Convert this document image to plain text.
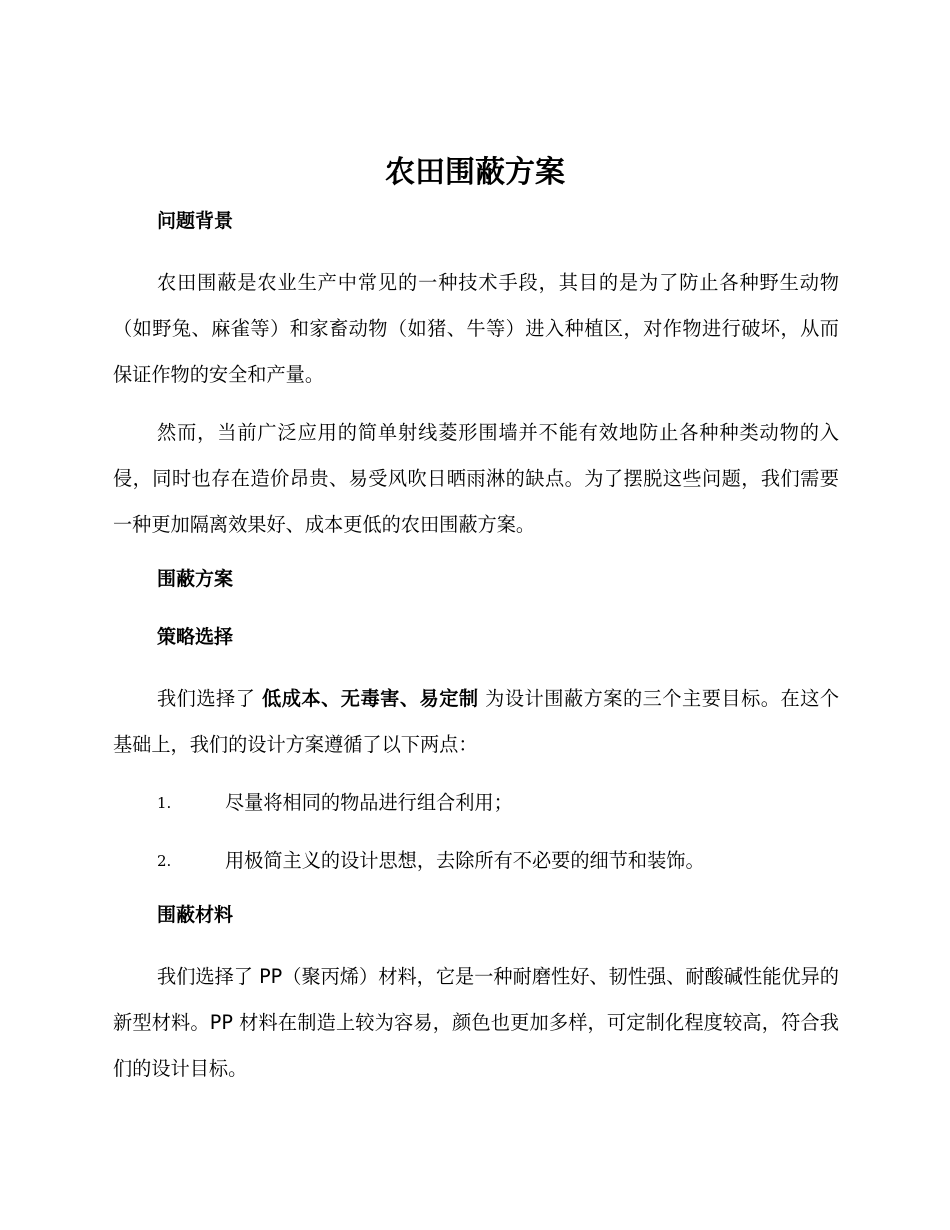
农田围蔽方案
问题背景

农田围蔽是农业生产中常见的一种技术手段，其目的是为了防止各种野生动物（如野兔、麻雀等）和家畜动物（如猪、牛等）进入种植区，对作物进行破坏，从而保证作物的安全和产量。

然而，当前广泛应用的简单射线菱形围墙并不能有效地防止各种种类动物的入侵，同时也存在造价昂贵、易受风吹日晒雨淋的缺点。为了摆脱这些问题，我们需要一种更加隔离效果好、成本更低的农田围蔽方案。

围蔽方案
策略选择

我们选择了 低成本、无毒害、易定制 为设计围蔽方案的三个主要目标。在这个基础上，我们的设计方案遵循了以下两点：

1.	尽量将相同的物品进行组合利用；
2.	用极简主义的设计思想，去除所有不必要的细节和装饰。
围蔽材料

我们选择了 PP（聚丙烯）材料，它是一种耐磨性好、韧性强、耐酸碱性能优异的新型材料。PP 材料在制造上较为容易，颜色也更加多样，可定制化程度较高，符合我们的设计目标。
